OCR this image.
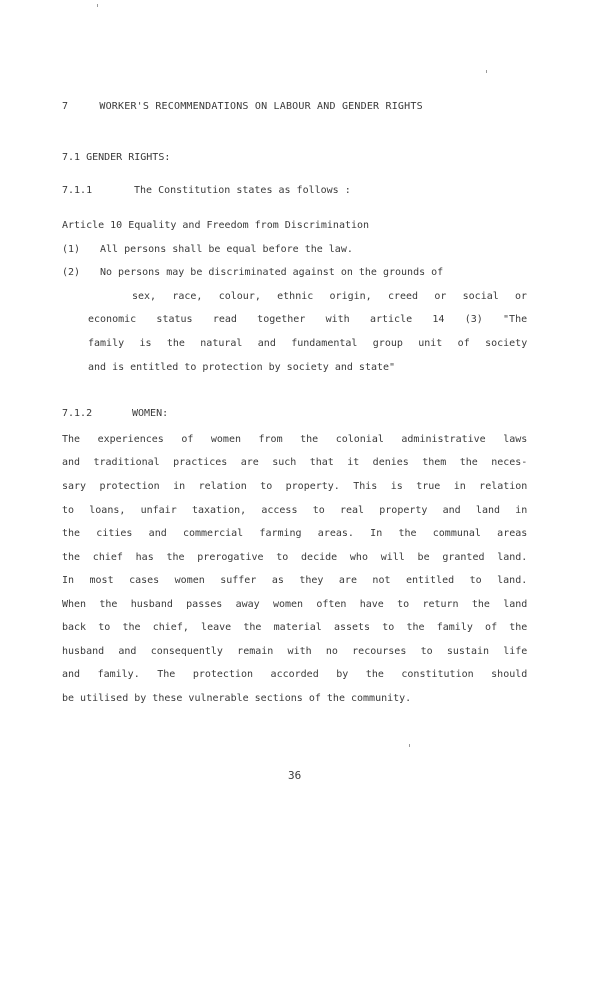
7	WORKER'S RECOMMENDATIONS ON LABOUR AND GENDER RIGHTS
7.1 GENDER RIGHTS:
7.1.1	The Constitution states as follows :
Article 10 Equality and Freedom from Discrimination
(1) All persons shall be equal before the law.
(2) No persons may be discriminated against on the grounds of
sex, race, colour, ethnic origin, creed or social or
economic status read together with article 14 (3) "The
family is the natural and fundamental group unit of society
and is entitled to protection by society and state"
7.1.2	WOMEN:
The experiences of women from the colonial administrative laws
and traditional practices are such that it denies them the neces-
sary protection in relation to property. This is true in relation
to loans, unfair taxation, access to real property and land in
the cities and commercial farming areas. In the communal areas
the chief has the prerogative to decide who will be granted land.
In most cases women suffer as they are not entitled to land.
When the husband passes away women often have to return the land
back to the chief, leave the material assets to the family of the
husband and consequently remain with no recourses to sustain life
and family. The protection accorded by the constitution should
be utilised by these vulnerable sections of the community.
36
